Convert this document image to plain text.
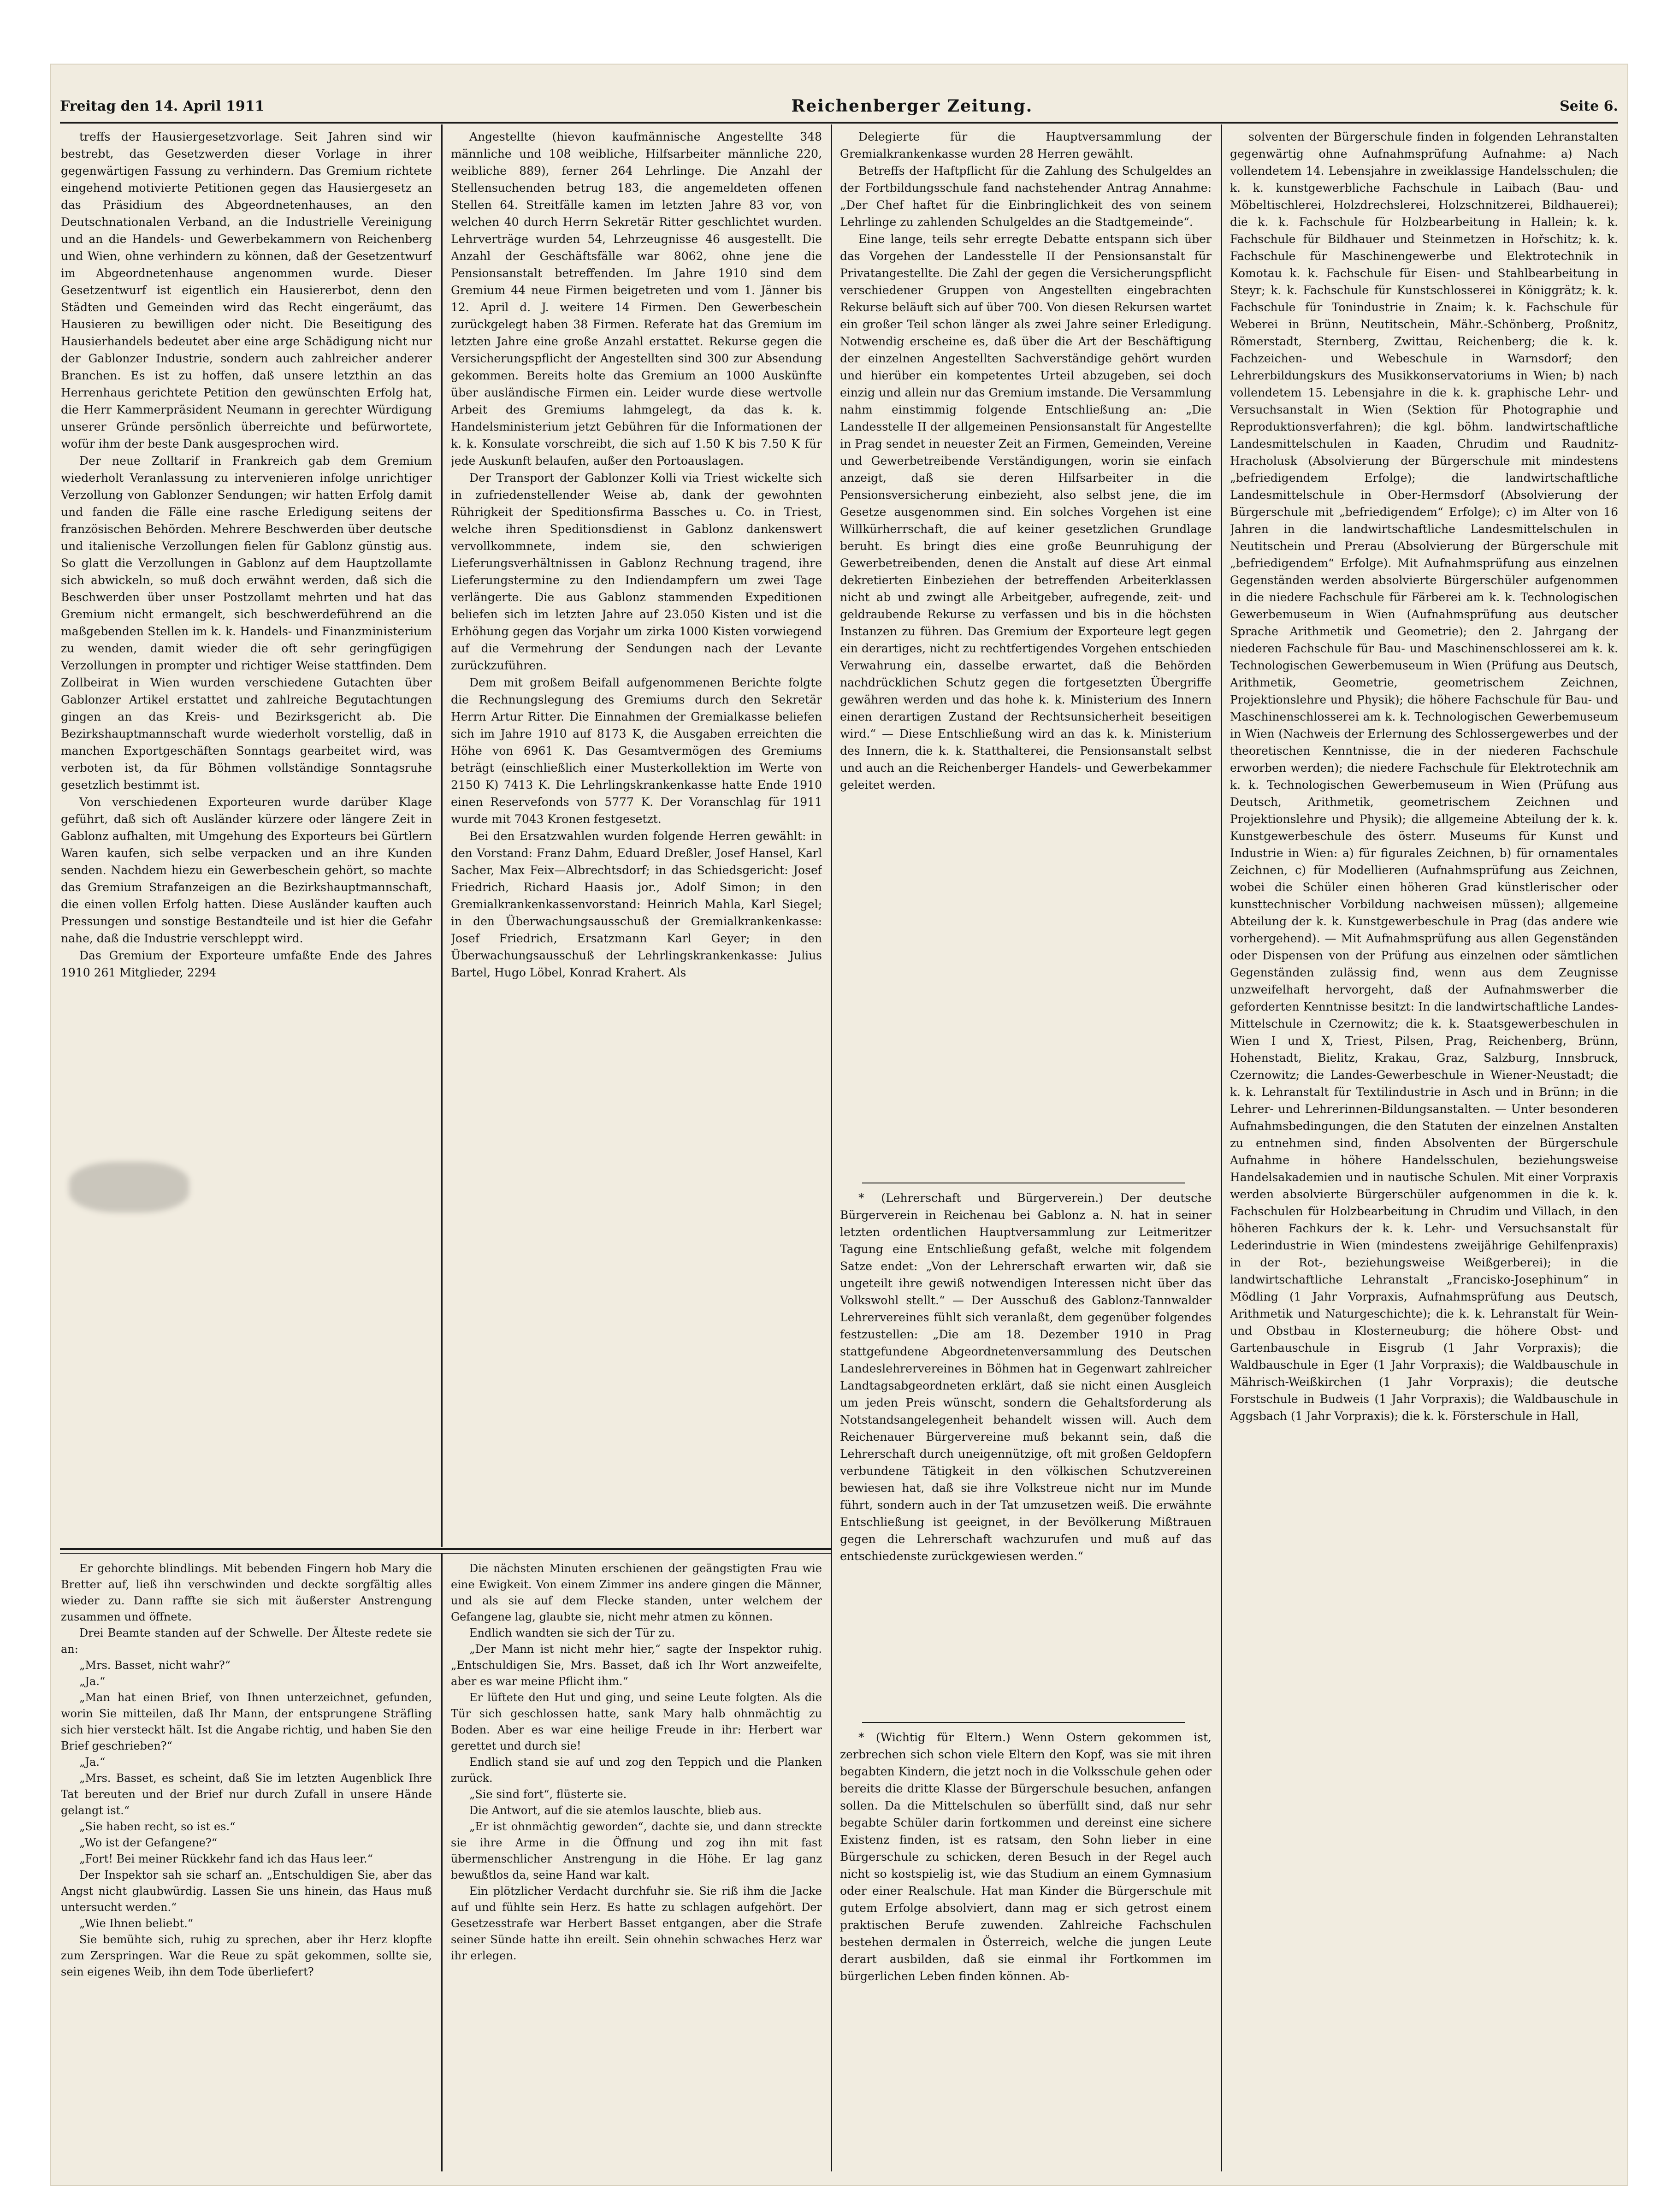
Freitag den 14. April 1911	Reichenberger Zeitung.	Seite 6.

treffs der Hausiergesetzvorlage. Seit Jahren sind wir bestrebt, das Gesetzwerden dieser Vorlage in ihrer gegenwärtigen Fassung zu verhindern. Das Gremium richtete eingehend motivierte Petitionen gegen das Hausiergesetz an das Präsidium des Abgeordnetenhauses, an den Deutschnationalen Verband, an die Industrielle Vereinigung und an die Handels- und Gewerbekammern von Reichenberg und Wien, ohne verhindern zu können, daß der Gesetzentwurf im Abgeordnetenhause angenommen wurde. Dieser Gesetzentwurf ist eigentlich ein Hausiererbot, denn den Städten und Gemeinden wird das Recht eingeräumt, das Hausieren zu bewilligen oder nicht. Die Beseitigung des Hausierhandels bedeutet aber eine arge Schädigung nicht nur der Gablonzer Industrie, sondern auch zahlreicher anderer Branchen. Es ist zu hoffen, daß unsere letzthin an das Herrenhaus gerichtete Petition den gewünschten Erfolg hat, die Herr Kammerpräsident Neumann in gerechter Würdigung unserer Gründe persönlich überreichte und befürwortete, wofür ihm der beste Dank ausgesprochen wird.

Der neue Zolltarif in Frankreich gab dem Gremium wiederholt Veranlassung zu intervenieren infolge unrichtiger Verzollung von Gablonzer Sendungen; wir hatten Erfolg damit und fanden die Fälle eine rasche Erledigung seitens der französischen Behörden. Mehrere Beschwerden über deutsche und italienische Verzollungen fielen für Gablonz günstig aus. So glatt die Verzollungen in Gablonz auf dem Hauptzollamte sich abwickeln, so muß doch erwähnt werden, daß sich die Beschwerden über unser Postzollamt mehrten und hat das Gremium nicht ermangelt, sich beschwerdeführend an die maßgebenden Stellen im k. k. Handels- und Finanzministerium zu wenden, damit wieder die oft sehr geringfügigen Verzollungen in prompter und richtiger Weise stattfinden. Dem Zollbeirat in Wien wurden verschiedene Gutachten über Gablonzer Artikel erstattet und zahlreiche Begutachtungen gingen an das Kreis- und Bezirksgericht ab. Die Bezirkshauptmannschaft wurde wiederholt vorstellig, daß in manchen Exportgeschäften Sonntags gearbeitet wird, was verboten ist, da für Böhmen vollständige Sonntagsruhe gesetzlich bestimmt ist.

Von verschiedenen Exporteuren wurde darüber Klage geführt, daß sich oft Ausländer kürzere oder längere Zeit in Gablonz aufhalten, mit Umgehung des Exporteurs bei Gürtlern Waren kaufen, sich selbe verpacken und an ihre Kunden senden. Nachdem hiezu ein Gewerbeschein gehört, so machte das Gremium Strafanzeigen an die Bezirkshauptmannschaft, die einen vollen Erfolg hatten. Diese Ausländer kauften auch Pressungen und sonstige Bestandteile und ist hier die Gefahr nahe, daß die Industrie verschleppt wird.

Das Gremium der Exporteure umfaßte Ende des Jahres 1910 261 Mitglieder, 2294

Angestellte (hievon kaufmännische Angestellte 348 männliche und 108 weibliche, Hilfsarbeiter männliche 220, weibliche 889), ferner 264 Lehrlinge. Die Anzahl der Stellensuchenden betrug 183, die angemeldeten offenen Stellen 64. Streitfälle kamen im letzten Jahre 83 vor, von welchen 40 durch Herrn Sekretär Ritter geschlichtet wurden. Lehrverträge wurden 54, Lehrzeugnisse 46 ausgestellt. Die Anzahl der Geschäftsfälle war 8062, ohne jene die Pensionsanstalt betreffenden. Im Jahre 1910 sind dem Gremium 44 neue Firmen beigetreten und vom 1. Jänner bis 12. April d. J. weitere 14 Firmen. Den Gewerbeschein zurückgelegt haben 38 Firmen. Referate hat das Gremium im letzten Jahre eine große Anzahl erstattet. Rekurse gegen die Versicherungspflicht der Angestellten sind 300 zur Absendung gekommen. Bereits holte das Gremium an 1000 Auskünfte über ausländische Firmen ein. Leider wurde diese wertvolle Arbeit des Gremiums lahmgelegt, da das k. k. Handelsministerium jetzt Gebühren für die Informationen der k. k. Konsulate vorschreibt, die sich auf 1.50 K bis 7.50 K für jede Auskunft belaufen, außer den Portoauslagen.

Der Transport der Gablonzer Kolli via Triest wickelte sich in zufriedenstellender Weise ab, dank der gewohnten Rührigkeit der Speditionsfirma Bassches u. Co. in Triest, welche ihren Speditionsdienst in Gablonz dankenswert vervollkommnete, indem sie, den schwierigen Lieferungsverhältnissen in Gablonz Rechnung tragend, ihre Lieferungstermine zu den Indiendampfern um zwei Tage verlängerte. Die aus Gablonz stammenden Expeditionen beliefen sich im letzten Jahre auf 23.050 Kisten und ist die Erhöhung gegen das Vorjahr um zirka 1000 Kisten vorwiegend auf die Vermehrung der Sendungen nach der Levante zurückzuführen.

Dem mit großem Beifall aufgenommenen Berichte folgte die Rechnungslegung des Gremiums durch den Sekretär Herrn Artur Ritter. Die Einnahmen der Gremialkasse beliefen sich im Jahre 1910 auf 8173 K, die Ausgaben erreichten die Höhe von 6961 K. Das Gesamtvermögen des Gremiums beträgt (einschließlich einer Musterkollektion im Werte von 2150 K) 7413 K. Die Lehrlingskrankenkasse hatte Ende 1910 einen Reservefonds von 5777 K. Der Voranschlag für 1911 wurde mit 7043 Kronen festgesetzt.

Bei den Ersatzwahlen wurden folgende Herren gewählt: in den Vorstand: Franz Dahm, Eduard Dreßler, Josef Hansel, Karl Sacher, Max Feix—Albrechtsdorf; in das Schiedsgericht: Josef Friedrich, Richard Haasis jor., Adolf Simon; in den Gremialkrankenkassenvorstand: Heinrich Mahla, Karl Siegel; in den Überwachungsausschuß der Gremialkrankenkasse: Josef Friedrich, Ersatzmann Karl Geyer; in den Überwachungsausschuß der Lehrlingskrankenkasse: Julius Bartel, Hugo Löbel, Konrad Krahert. Als

Delegierte für die Hauptversammlung der Gremialkrankenkasse wurden 28 Herren gewählt.

Betreffs der Haftpflicht für die Zahlung des Schulgeldes an der Fortbildungsschule fand nachstehender Antrag Annahme: „Der Chef haftet für die Einbringlichkeit des von seinem Lehrlinge zu zahlenden Schulgeldes an die Stadtgemeinde“.

Eine lange, teils sehr erregte Debatte entspann sich über das Vorgehen der Landesstelle II der Pensionsanstalt für Privatangestellte. Die Zahl der gegen die Versicherungspflicht verschiedener Gruppen von Angestellten eingebrachten Rekurse beläuft sich auf über 700. Von diesen Rekursen wartet ein großer Teil schon länger als zwei Jahre seiner Erledigung. Notwendig erscheine es, daß über die Art der Beschäftigung der einzelnen Angestellten Sachverständige gehört wurden und hierüber ein kompetentes Urteil abzugeben, sei doch einzig und allein nur das Gremium imstande. Die Versammlung nahm einstimmig folgende Entschließung an: „Die Landesstelle II der allgemeinen Pensionsanstalt für Angestellte in Prag sendet in neuester Zeit an Firmen, Gemeinden, Vereine und Gewerbetreibende Verständigungen, worin sie einfach anzeigt, daß sie deren Hilfsarbeiter in die Pensionsversicherung einbezieht, also selbst jene, die im Gesetze ausgenommen sind. Ein solches Vorgehen ist eine Willkürherrschaft, die auf keiner gesetzlichen Grundlage beruht. Es bringt dies eine große Beunruhigung der Gewerbetreibenden, denen die Anstalt auf diese Art einmal dekretierten Einbeziehen der betreffenden Arbeiterklassen nicht ab und zwingt alle Arbeitgeber, aufregende, zeit- und geldraubende Rekurse zu verfassen und bis in die höchsten Instanzen zu führen. Das Gremium der Exporteure legt gegen ein derartiges, nicht zu rechtfertigendes Vorgehen entschieden Verwahrung ein, dasselbe erwartet, daß die Behörden nachdrücklichen Schutz gegen die fortgesetzten Übergriffe gewähren werden und das hohe k. k. Ministerium des Innern einen derartigen Zustand der Rechtsunsicherheit beseitigen wird.“ — Diese Entschließung wird an das k. k. Ministerium des Innern, die k. k. Statthalterei, die Pensionsanstalt selbst und auch an die Reichenberger Handels- und Gewerbekammer geleitet werden.

* (Lehrerschaft und Bürgerverein.) Der deutsche Bürgerverein in Reichenau bei Gablonz a. N. hat in seiner letzten ordentlichen Hauptversammlung zur Leitmeritzer Tagung eine Entschließung gefaßt, welche mit folgendem Satze endet: „Von der Lehrerschaft erwarten wir, daß sie ungeteilt ihre gewiß notwendigen Interessen nicht über das Volkswohl stellt.“ — Der Ausschuß des Gablonz-Tannwalder Lehrervereines fühlt sich veranlaßt, dem gegenüber folgendes festzustellen: „Die am 18. Dezember 1910 in Prag stattgefundene Abgeordnetenversammlung des Deutschen Landeslehrervereines in Böhmen hat in Gegenwart zahlreicher Landtagsabgeordneten erklärt, daß sie nicht einen Ausgleich um jeden Preis wünscht, sondern die Gehaltsforderung als Notstandsangelegenheit behandelt wissen will. Auch dem Reichenauer Bürgervereine muß bekannt sein, daß die Lehrerschaft durch uneigennützige, oft mit großen Geldopfern verbundene Tätigkeit in den völkischen Schutzvereinen bewiesen hat, daß sie ihre Volkstreue nicht nur im Munde führt, sondern auch in der Tat umzusetzen weiß. Die erwähnte Entschließung ist geeignet, in der Bevölkerung Mißtrauen gegen die Lehrerschaft wachzurufen und muß auf das entschiedenste zurückgewiesen werden.“

* (Wichtig für Eltern.) Wenn Ostern gekommen ist, zerbrechen sich schon viele Eltern den Kopf, was sie mit ihren begabten Kindern, die jetzt noch in die Volksschule gehen oder bereits die dritte Klasse der Bürgerschule besuchen, anfangen sollen. Da die Mittelschulen so überfüllt sind, daß nur sehr begabte Schüler darin fortkommen und dereinst eine sichere Existenz finden, ist es ratsam, den Sohn lieber in eine Bürgerschule zu schicken, deren Besuch in der Regel auch nicht so kostspielig ist, wie das Studium an einem Gymnasium oder einer Realschule. Hat man Kinder die Bürgerschule mit gutem Erfolge absolviert, dann mag er sich getrost einem praktischen Berufe zuwenden. Zahlreiche Fachschulen bestehen dermalen in Österreich, welche die jungen Leute derart ausbilden, daß sie einmal ihr Fortkommen im bürgerlichen Leben finden können. Ab-

solventen der Bürgerschule finden in folgenden Lehranstalten gegenwärtig ohne Aufnahmsprüfung Aufnahme: a) Nach vollendetem 14. Lebensjahre in zweiklassige Handelsschulen; die k. k. kunstgewerbliche Fachschule in Laibach (Bau- und Möbeltischlerei, Holzdrechslerei, Holzschnitzerei, Bildhauerei); die k. k. Fachschule für Holzbearbeitung in Hallein; k. k. Fachschule für Bildhauer und Steinmetzen in Hořschitz; k. k. Fachschule für Maschinengewerbe und Elektrotechnik in Komotau k. k. Fachschule für Eisen- und Stahlbearbeitung in Steyr; k. k. Fachschule für Kunstschlosserei in Königgrätz; k. k. Fachschule für Tonindustrie in Znaim; k. k. Fachschule für Weberei in Brünn, Neutitschein, Mähr.-Schönberg, Proßnitz, Römerstadt, Sternberg, Zwittau, Reichenberg; die k. k. Fachzeichen- und Webeschule in Warnsdorf; den Lehrerbildungskurs des Musikkonservatoriums in Wien; b) nach vollendetem 15. Lebensjahre in die k. k. graphische Lehr- und Versuchsanstalt in Wien (Sektion für Photographie und Reproduktionsverfahren); die kgl. böhm. landwirtschaftliche Landesmittelschulen in Kaaden, Chrudim und Raudnitz-Hracholusk (Absolvierung der Bürgerschule mit mindestens „befriedigendem Erfolge); die landwirtschaftliche Landesmittelschule in Ober-Hermsdorf (Absolvierung der Bürgerschule mit „befriedigendem“ Erfolge); c) im Alter von 16 Jahren in die landwirtschaftliche Landesmittelschulen in Neutitschein und Prerau (Absolvierung der Bürgerschule mit „befriedigendem“ Erfolge). Mit Aufnahmsprüfung aus einzelnen Gegenständen werden absolvierte Bürgerschüler aufgenommen in die niedere Fachschule für Färberei am k. k. Technologischen Gewerbemuseum in Wien (Aufnahmsprüfung aus deutscher Sprache Arithmetik und Geometrie); den 2. Jahrgang der niederen Fachschule für Bau- und Maschinenschlosserei am k. k. Technologischen Gewerbemuseum in Wien (Prüfung aus Deutsch, Arithmetik, Geometrie, geometrischem Zeichnen, Projektionslehre und Physik); die höhere Fachschule für Bau- und Maschinenschlosserei am k. k. Technologischen Gewerbemuseum in Wien (Nachweis der Erlernung des Schlossergewerbes und der theoretischen Kenntnisse, die in der niederen Fachschule erworben werden); die niedere Fachschule für Elektrotechnik am k. k. Technologischen Gewerbemuseum in Wien (Prüfung aus Deutsch, Arithmetik, geometrischem Zeichnen und Projektionslehre und Physik); die allgemeine Abteilung der k. k. Kunstgewerbeschule des österr. Museums für Kunst und Industrie in Wien: a) für figurales Zeichnen, b) für ornamentales Zeichnen, c) für Modellieren (Aufnahmsprüfung aus Zeichnen, wobei die Schüler einen höheren Grad künstlerischer oder kunsttechnischer Vorbildung nachweisen müssen); allgemeine Abteilung der k. k. Kunstgewerbeschule in Prag (das andere wie vorhergehend). — Mit Aufnahmsprüfung aus allen Gegenständen oder Dispensen von der Prüfung aus einzelnen oder sämtlichen Gegenständen zulässig find, wenn aus dem Zeugnisse unzweifelhaft hervorgeht, daß der Aufnahmswerber die geforderten Kenntnisse besitzt: In die landwirtschaftliche Landes-Mittelschule in Czernowitz; die k. k. Staatsgewerbeschulen in Wien I und X, Triest, Pilsen, Prag, Reichenberg, Brünn, Hohenstadt, Bielitz, Krakau, Graz, Salzburg, Innsbruck, Czernowitz; die Landes-Gewerbeschule in Wiener-Neustadt; die k. k. Lehranstalt für Textilindustrie in Asch und in Brünn; in die Lehrer- und Lehrerinnen-Bildungsanstalten. — Unter besonderen Aufnahmsbedingungen, die den Statuten der einzelnen Anstalten zu entnehmen sind, finden Absolventen der Bürgerschule Aufnahme in höhere Handelsschulen, beziehungsweise Handelsakademien und in nautische Schulen. Mit einer Vorpraxis werden absolvierte Bürgerschüler aufgenommen in die k. k. Fachschulen für Holzbearbeitung in Chrudim und Villach, in den höheren Fachkurs der k. k. Lehr- und Versuchsanstalt für Lederindustrie in Wien (mindestens zweijährige Gehilfenpraxis) in der Rot-, beziehungsweise Weißgerberei); in die landwirtschaftliche Lehranstalt „Francisko-Josephinum“ in Mödling (1 Jahr Vorpraxis, Aufnahmsprüfung aus Deutsch, Arithmetik und Naturgeschichte); die k. k. Lehranstalt für Wein- und Obstbau in Klosterneuburg; die höhere Obst- und Gartenbauschule in Eisgrub (1 Jahr Vorpraxis); die Waldbauschule in Eger (1 Jahr Vorpraxis); die Waldbauschule in Mährisch-Weißkirchen (1 Jahr Vorpraxis); die deutsche Forstschule in Budweis (1 Jahr Vorpraxis); die Waldbauschule in Aggsbach (1 Jahr Vorpraxis); die k. k. Försterschule in Hall,

Er gehorchte blindlings. Mit bebenden Fingern hob Mary die Bretter auf, ließ ihn verschwinden und deckte sorgfältig alles wieder zu. Dann raffte sie sich mit äußerster Anstrengung zusammen und öffnete.

Drei Beamte standen auf der Schwelle. Der Älteste redete sie an:

„Mrs. Basset, nicht wahr?“

„Ja.“

„Man hat einen Brief, von Ihnen unterzeichnet, gefunden, worin Sie mitteilen, daß Ihr Mann, der entsprungene Sträfling sich hier versteckt hält. Ist die Angabe richtig, und haben Sie den Brief geschrieben?“

„Ja.“

„Mrs. Basset, es scheint, daß Sie im letzten Augenblick Ihre Tat bereuten und der Brief nur durch Zufall in unsere Hände gelangt ist.“

„Sie haben recht, so ist es.“

„Wo ist der Gefangene?“

„Fort! Bei meiner Rückkehr fand ich das Haus leer.“

Der Inspektor sah sie scharf an. „Entschuldigen Sie, aber das Angst nicht glaubwürdig. Lassen Sie uns hinein, das Haus muß untersucht werden.“

„Wie Ihnen beliebt.“

Sie bemühte sich, ruhig zu sprechen, aber ihr Herz klopfte zum Zerspringen. War die Reue zu spät gekommen, sollte sie, sein eigenes Weib, ihn dem Tode überliefert?

Die nächsten Minuten erschienen der geängstigten Frau wie eine Ewigkeit. Von einem Zimmer ins andere gingen die Männer, und als sie auf dem Flecke standen, unter welchem der Gefangene lag, glaubte sie, nicht mehr atmen zu können.

Endlich wandten sie sich der Tür zu.

„Der Mann ist nicht mehr hier,“ sagte der Inspektor ruhig. „Entschuldigen Sie, Mrs. Basset, daß ich Ihr Wort anzweifelte, aber es war meine Pflicht ihm.“

Er lüftete den Hut und ging, und seine Leute folgten. Als die Tür sich geschlossen hatte, sank Mary halb ohnmächtig zu Boden. Aber es war eine heilige Freude in ihr: Herbert war gerettet und durch sie!

Endlich stand sie auf und zog den Teppich und die Planken zurück.

„Sie sind fort“, flüsterte sie.

Die Antwort, auf die sie atemlos lauschte, blieb aus.

„Er ist ohnmächtig geworden“, dachte sie, und dann streckte sie ihre Arme in die Öffnung und zog ihn mit fast übermenschlicher Anstrengung in die Höhe. Er lag ganz bewußtlos da, seine Hand war kalt.

Ein plötzlicher Verdacht durchfuhr sie. Sie riß ihm die Jacke auf und fühlte sein Herz. Es hatte zu schlagen aufgehört. Der Gesetzesstrafe war Herbert Basset entgangen, aber die Strafe seiner Sünde hatte ihn ereilt. Sein ohnehin schwaches Herz war ihr erlegen.
